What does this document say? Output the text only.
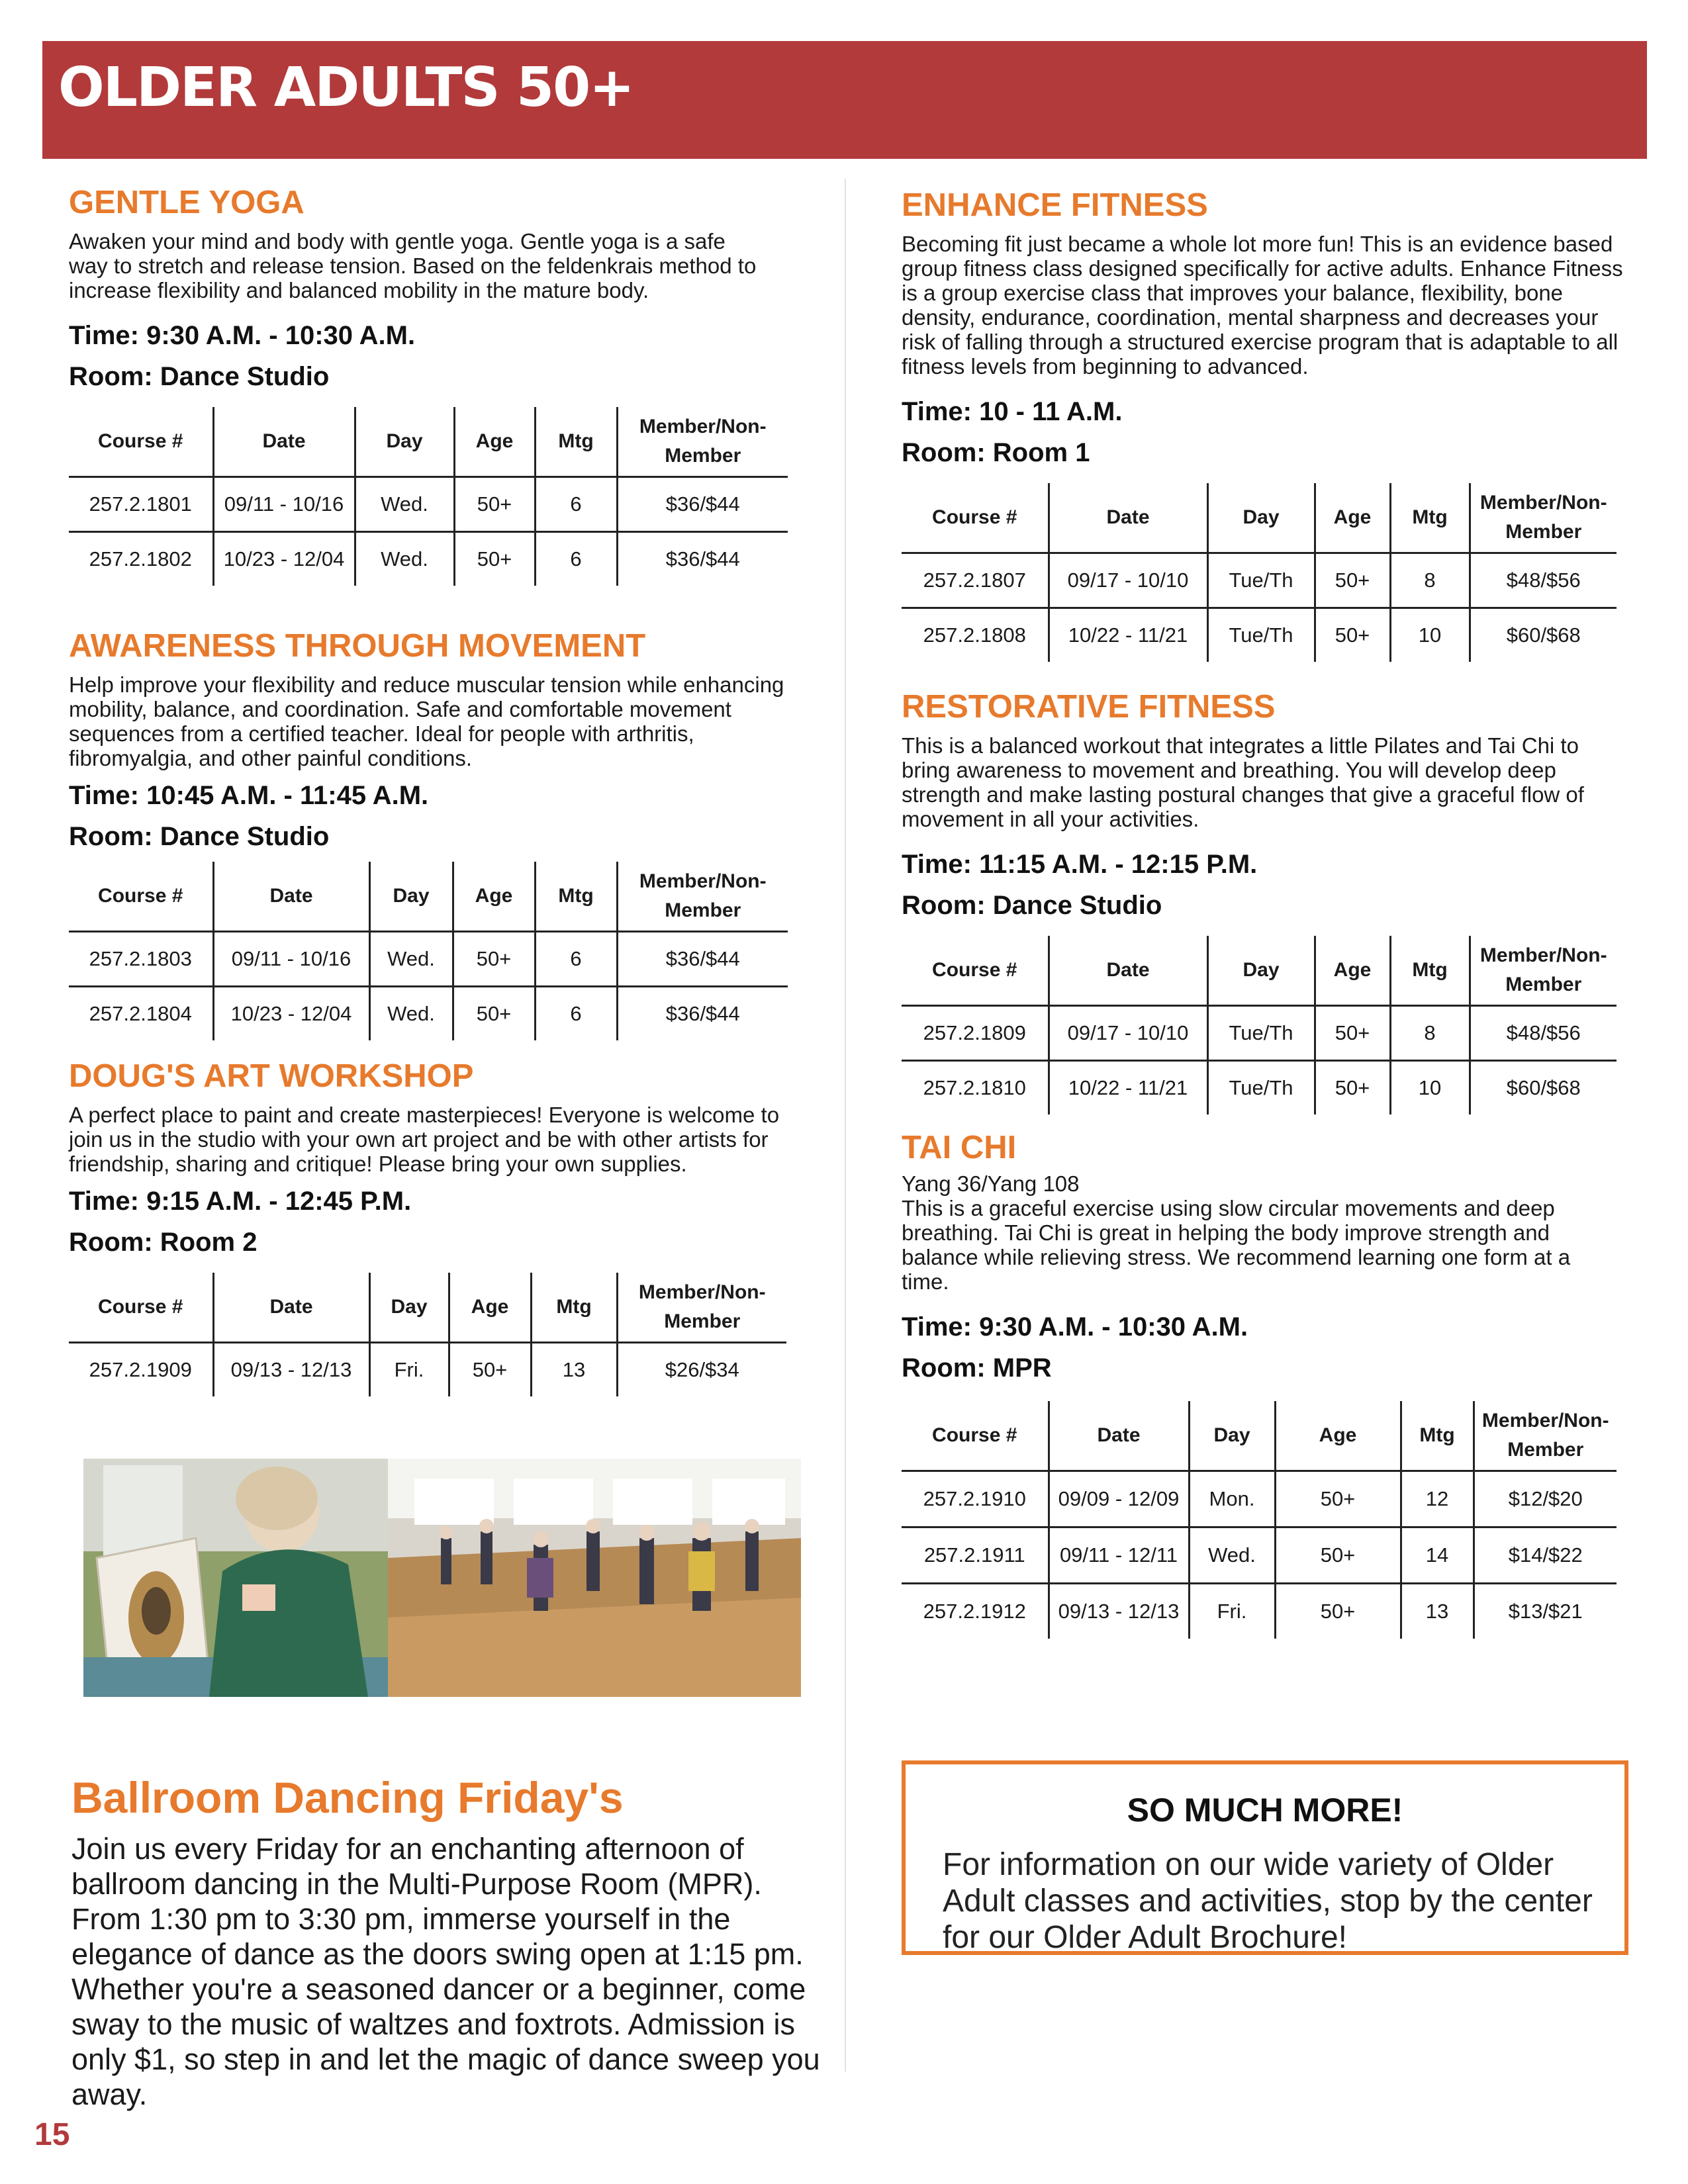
OLDER ADULTS 50+
GENTLE YOGA

Awaken your mind and body with gentle yoga. Gentle yoga is a safe way to stretch and release tension. Based on the feldenkrais method to increase flexibility and balanced mobility in the mature body.

Time: 9:30 A.M. - 10:30 A.M.
Room: Dance Studio
Course #	Date	Day	Age	Mtg	Member/Non-Member
257.2.1801	09/11 - 10/16	Wed.	50+	6	$36/$44
257.2.1802	10/23 - 12/04	Wed.	50+	6	$36/$44
AWARENESS THROUGH MOVEMENT

Help improve your flexibility and reduce muscular tension while enhancing mobility, balance, and coordination. Safe and comfortable movement sequences from a certified teacher. Ideal for people with arthritis, fibromyalgia, and other painful conditions.

Time: 10:45 A.M. - 11:45 A.M.
Room: Dance Studio
Course #	Date	Day	Age	Mtg	Member/Non-Member
257.2.1803	09/11 - 10/16	Wed.	50+	6	$36/$44
257.2.1804	10/23 - 12/04	Wed.	50+	6	$36/$44
DOUG'S ART WORKSHOP

A perfect place to paint and create masterpieces! Everyone is welcome to join us in the studio with your own art project and be with other artists for friendship, sharing and critique! Please bring your own supplies.

Time: 9:15 A.M. - 12:45 P.M.
Room: Room 2
Course #	Date	Day	Age	Mtg	Member/Non-Member
257.2.1909	09/13 - 12/13	Fri.	50+	13	$26/$34
Ballroom Dancing Friday's

Join us every Friday for an enchanting afternoon of ballroom dancing in the Multi-Purpose Room (MPR). From 1:30 pm to 3:30 pm, immerse yourself in the elegance of dance as the doors swing open at 1:15 pm. Whether you're a seasoned dancer or a beginner, come sway to the music of waltzes and foxtrots. Admission is only $1, so step in and let the magic of dance sweep you away.

ENHANCE FITNESS

Becoming fit just became a whole lot more fun! This is an evidence based group fitness class designed specifically for active adults. Enhance Fitness is a group exercise class that improves your balance, flexibility, bone density, endurance, coordination, mental sharpness and decreases your risk of falling through a structured exercise program that is adaptable to all fitness levels from beginning to advanced.

Time: 10 - 11 A.M.
Room: Room 1
Course #	Date	Day	Age	Mtg	Member/Non-Member
257.2.1807	09/17 - 10/10	Tue/Th	50+	8	$48/$56
257.2.1808	10/22 - 11/21	Tue/Th	50+	10	$60/$68
RESTORATIVE FITNESS

This is a balanced workout that integrates a little Pilates and Tai Chi to bring awareness to movement and breathing. You will develop deep strength and make lasting postural changes that give a graceful flow of movement in all your activities.

Time: 11:15 A.M. - 12:15 P.M.
Room: Dance Studio
Course #	Date	Day	Age	Mtg	Member/Non-Member
257.2.1809	09/17 - 10/10	Tue/Th	50+	8	$48/$56
257.2.1810	10/22 - 11/21	Tue/Th	50+	10	$60/$68
TAI CHI

Yang 36/Yang 108

This is a graceful exercise using slow circular movements and deep breathing. Tai Chi is great in helping the body improve strength and balance while relieving stress. We recommend learning one form at a time.

Time: 9:30 A.M. - 10:30 A.M.
Room: MPR
Course #	Date	Day	Age	Mtg	Member/Non-Member
257.2.1910	09/09 - 12/09	Mon.	50+	12	$12/$20
257.2.1911	09/11 - 12/11	Wed.	50+	14	$14/$22
257.2.1912	09/13 - 12/13	Fri.	50+	13	$13/$21
SO MUCH MORE!

For information on our wide variety of Older Adult classes and activities, stop by the center for our Older Adult Brochure!

15
